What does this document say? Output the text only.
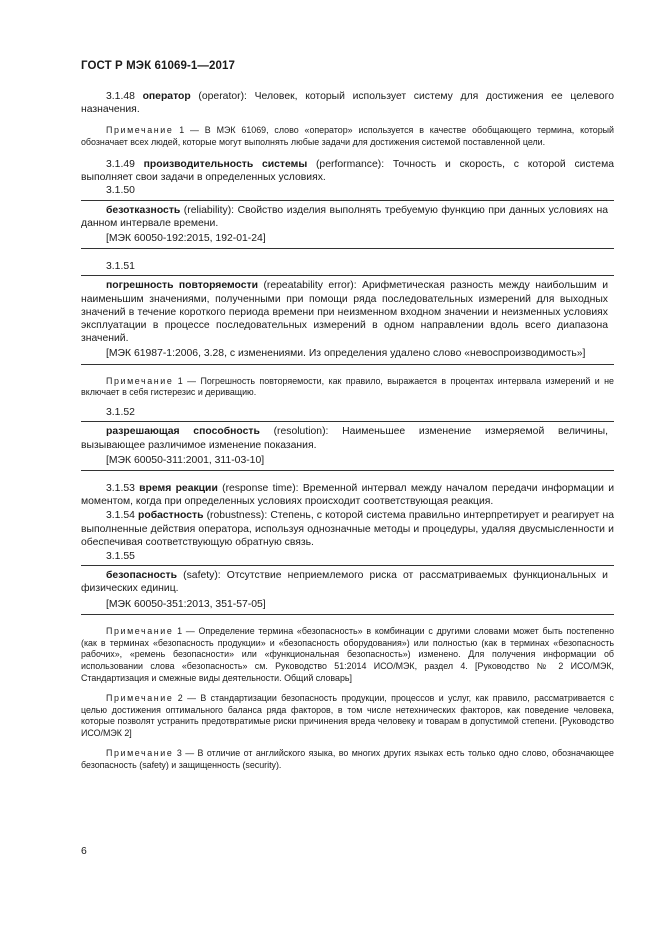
ГОСТ Р МЭК 61069-1—2017

3.1.48 оператор (operator): Человек, который использует систему для достижения ее целевого назначения.

Примечание 1 — В МЭК 61069, слово «оператор» используется в качестве обобщающего термина, который обозначает всех людей, которые могут выполнять любые задачи для достижения системой поставленной цели.

3.1.49 производительность системы (performance): Точность и скорость, с которой система выполняет свои задачи в определенных условиях.

3.1.50

безотказность (reliability): Свойство изделия выполнять требуемую функцию при данных условиях на данном интервале времени.

[МЭК 60050-192:2015, 192-01-24]

3.1.51

погрешность повторяемости (repeatability error): Арифметическая разность между наибольшим и наименьшим значениями, полученными при помощи ряда последовательных измерений для выходных значений в течение короткого периода времени при неизменном входном значении и неизменных условиях эксплуатации в процессе последовательных измерений в одном направлении вдоль всего диапазона значений.

[МЭК 61987-1:2006, 3.28, с изменениями. Из определения удалено слово «невоспроизводимость»]

Примечание 1 — Погрешность повторяемости, как правило, выражается в процентах интервала измерений и не включает в себя гистерезис и дериващию.

3.1.52

разрешающая способность (resolution): Наименьшее изменение измеряемой величины, вызывающее различимое изменение показания.

[МЭК 60050-311:2001, 311-03-10]

3.1.53 время реакции (response time): Временной интервал между началом передачи информации и моментом, когда при определенных условиях происходит соответствующая реакция.

3.1.54 робастность (robustness): Степень, с которой система правильно интерпретирует и реагирует на выполненные действия оператора, используя однозначные методы и процедуры, удаляя двусмысленности и обеспечивая соответствующую обратную связь.

3.1.55

безопасность (safety): Отсутствие неприемлемого риска от рассматриваемых функциональных и физических единиц.

[МЭК 60050-351:2013, 351-57-05]

Примечание 1 — Определение термина «безопасность» в комбинации с другими словами может быть постепенно (как в терминах «безопасность продукции» и «безопасность оборудования») или полностью (как в терминах «безопасность рабочих», «ремень безопасности» или «функциональная безопасность») изменено. Для получения информации об использовании слова «безопасность» см. Руководство 51:2014 ИСО/МЭК, раздел 4. [Руководство № 2 ИСО/МЭК, Стандартизация и смежные виды деятельности. Общий словарь]

Примечание 2 — В стандартизации безопасность продукции, процессов и услуг, как правило, рассматривается с целью достижения оптимального баланса ряда факторов, в том числе нетехнических факторов, как поведение человека, которые позволят устранить предотвратимые риски причинения вреда человеку и товарам в допустимой степени. [Руководство ИСО/МЭК 2]

Примечание 3 — В отличие от английского языка, во многих других языках есть только одно слово, обозначающее безопасность (safety) и защищенность (security).

6
